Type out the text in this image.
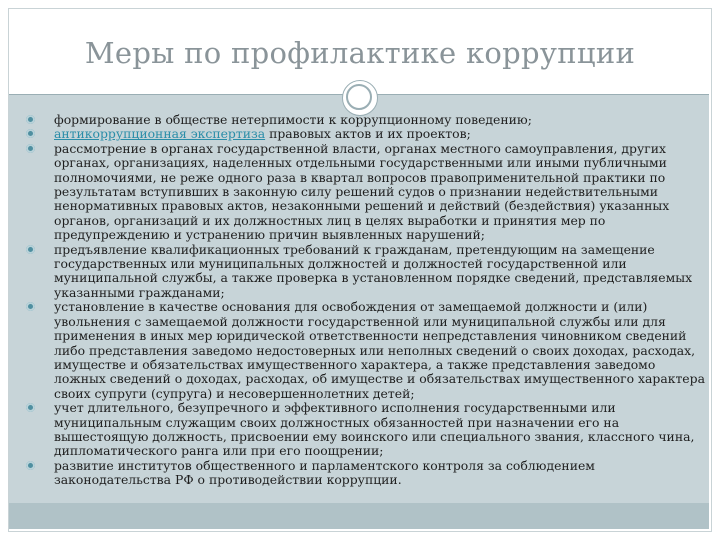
Меры по профилактике коррупции
формирование в обществе нетерпимости к коррупционному поведению;
антикоррупционная экспертиза правовых актов и их проектов;
рассмотрение в органах государственной власти, органах местного самоуправления, других органах, организациях, наделенных отдельными государственными или иными публичными полномочиями, не реже одного раза в квартал вопросов правоприменительной практики по результатам вступивших в законную силу решений судов о признании недействительными ненормативных правовых актов, незаконными решений и действий (бездействия) указанных органов, организаций и их должностных лиц в целях выработки и принятия мер по предупреждению и устранению причин выявленных нарушений;
предъявление квалификационных требований к гражданам, претендующим на замещение государственных или муниципальных должностей и должностей государственной или муниципальной службы, а также проверка в установленном порядке сведений, представляемых указанными гражданами;
установление в качестве основания для освобождения от замещаемой должности и (или) увольнения с замещаемой должности государственной или муниципальной службы или для применения в иных мер юридической ответственности непредставления чиновником сведений либо представления заведомо недостоверных или неполных сведений о своих доходах, расходах, имуществе и обязательствах имущественного характера, а также представления заведомо ложных сведений о доходах, расходах, об имуществе и обязательствах имущественного характера своих супруги (супруга) и несовершеннолетних детей;
учет длительного, безупречного и эффективного исполнения государственными или муниципальным служащим своих должностных обязанностей при назначении его на вышестоящую должность, присвоении ему воинского или специального звания, классного чина, дипломатического ранга или при его поощрении;
развитие институтов общественного и парламентского контроля за соблюдением законодательства РФ о противодействии коррупции.
